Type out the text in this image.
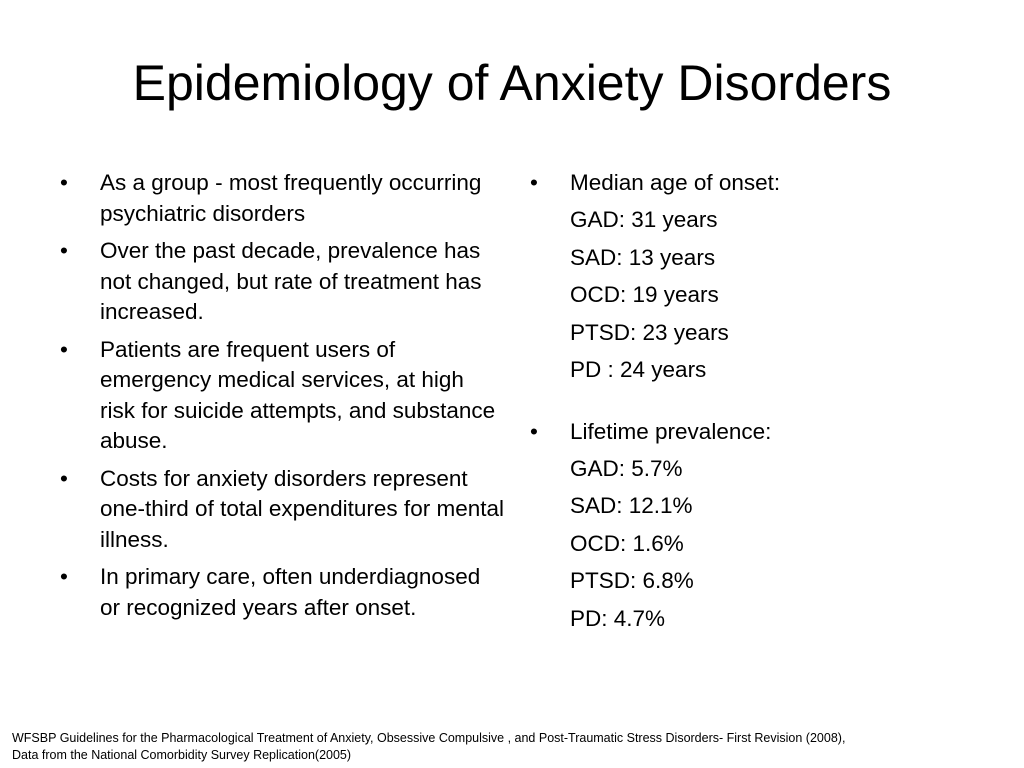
Epidemiology of Anxiety Disorders
• As a group - most frequently occurring psychiatric disorders
• Over the past decade, prevalence has not changed, but rate of treatment has increased.
• Patients are frequent users of emergency medical services, at high risk for suicide attempts, and substance abuse.
• Costs for anxiety disorders represent one-third of total expenditures for mental illness.
• In primary care, often underdiagnosed or recognized years after onset.
• Median age of onset:
GAD: 31 years
SAD: 13 years
OCD: 19 years
PTSD: 23 years
PD : 24 years
• Lifetime prevalence:
GAD: 5.7%
SAD: 12.1%
OCD: 1.6%
PTSD: 6.8%
PD: 4.7%
WFSBP Guidelines for the Pharmacological Treatment of Anxiety, Obsessive Compulsive , and Post-Traumatic Stress Disorders- First Revision (2008),
Data from the National Comorbidity Survey Replication(2005)
